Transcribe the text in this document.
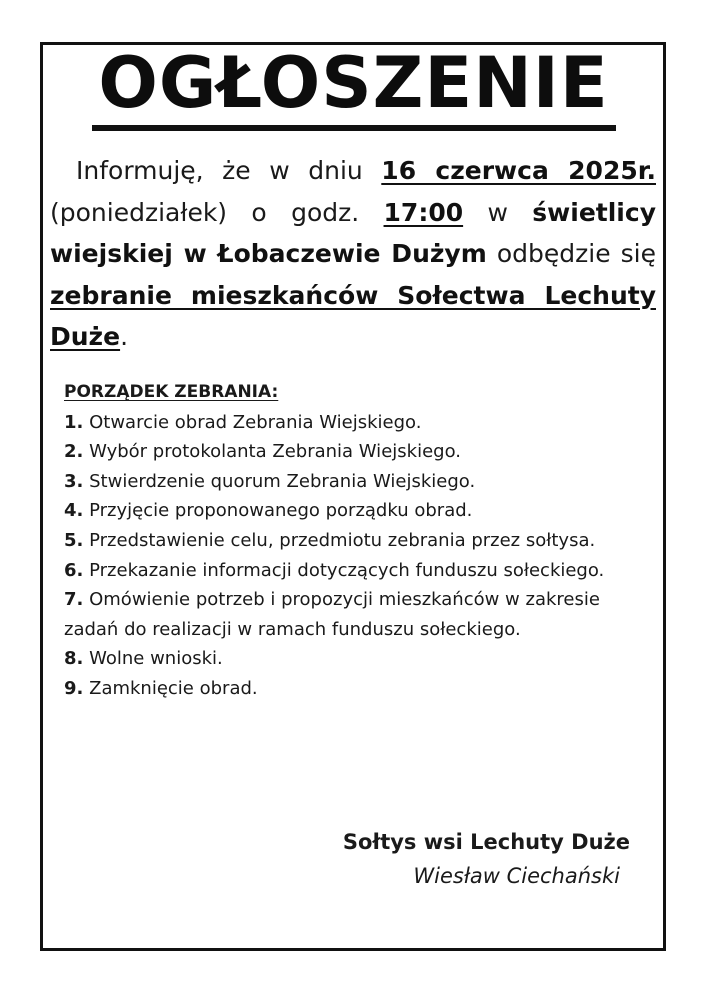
OGŁOSZENIE

Informuję, że w dniu 16 czerwca 2025r. (poniedziałek) o godz. 17:00 w świetlicy wiejskiej w Łobaczewie Dużym odbędzie się zebranie mieszkańców Sołectwa Lechuty Duże.

PORZĄDEK ZEBRANIA:
1. Otwarcie obrad Zebrania Wiejskiego.
2. Wybór protokolanta Zebrania Wiejskiego.
3. Stwierdzenie quorum Zebrania Wiejskiego.
4. Przyjęcie proponowanego porządku obrad.
5. Przedstawienie celu, przedmiotu zebrania przez sołtysa.
6. Przekazanie informacji dotyczących funduszu sołeckiego.
7. Omówienie potrzeb i propozycji mieszkańców w zakresie zadań do realizacji w ramach funduszu sołeckiego.
8. Wolne wnioski.
9. Zamknięcie obrad.
Sołtys wsi Lechuty Duże
Wiesław Ciechański
